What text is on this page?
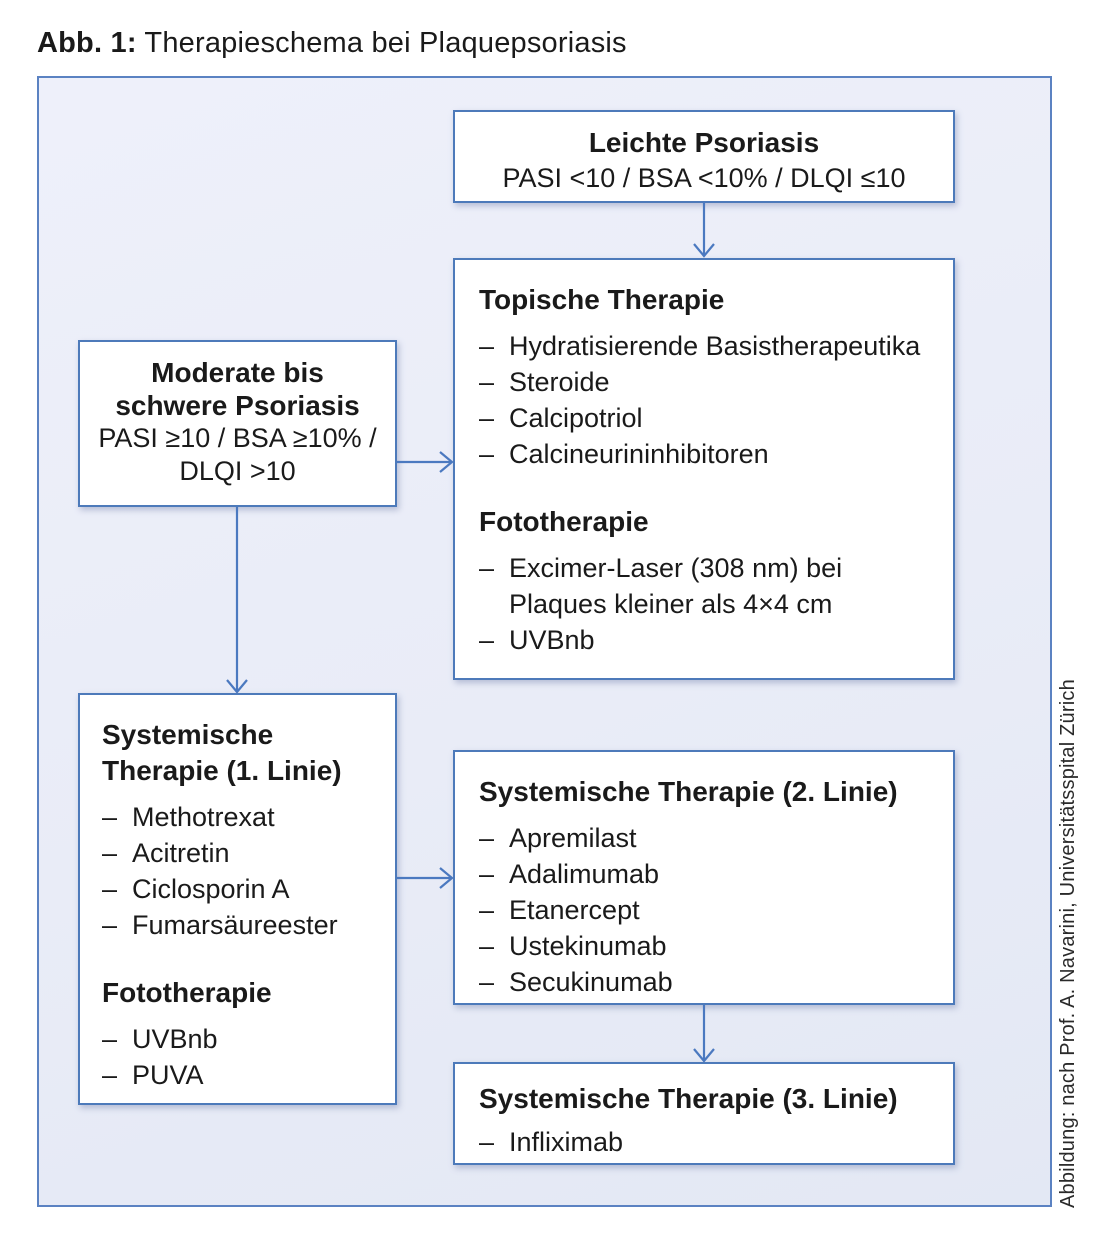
Abb. 1: Therapieschema bei Plaquepsoriasis
Leichte Psoriasis
PASI <10 / BSA <10% / DLQI ≤10
Topische Therapie
– Hydratisierende Basistherapeutika
– Steroide
– Calcipotriol
– Calcineurininhibitoren
Fototherapie
– Excimer-Laser (308 nm) bei Plaques kleiner als 4×4 cm
– UVBnb
Moderate bis
schwere Psoriasis
PASI ≥10 / BSA ≥10% /
DLQI >10
Systemische Therapie (1. Linie)
– Methotrexat
– Acitretin
– Ciclosporin A
– Fumarsäureester
Fototherapie
– UVBnb
– PUVA
Systemische Therapie (2. Linie)
– Apremilast
– Adalimumab
– Etanercept
– Ustekinumab
– Secukinumab
Systemische Therapie (3. Linie)
– Infliximab	Abbildung: nach Prof. A. Navarini, Universitätsspital Zürich
